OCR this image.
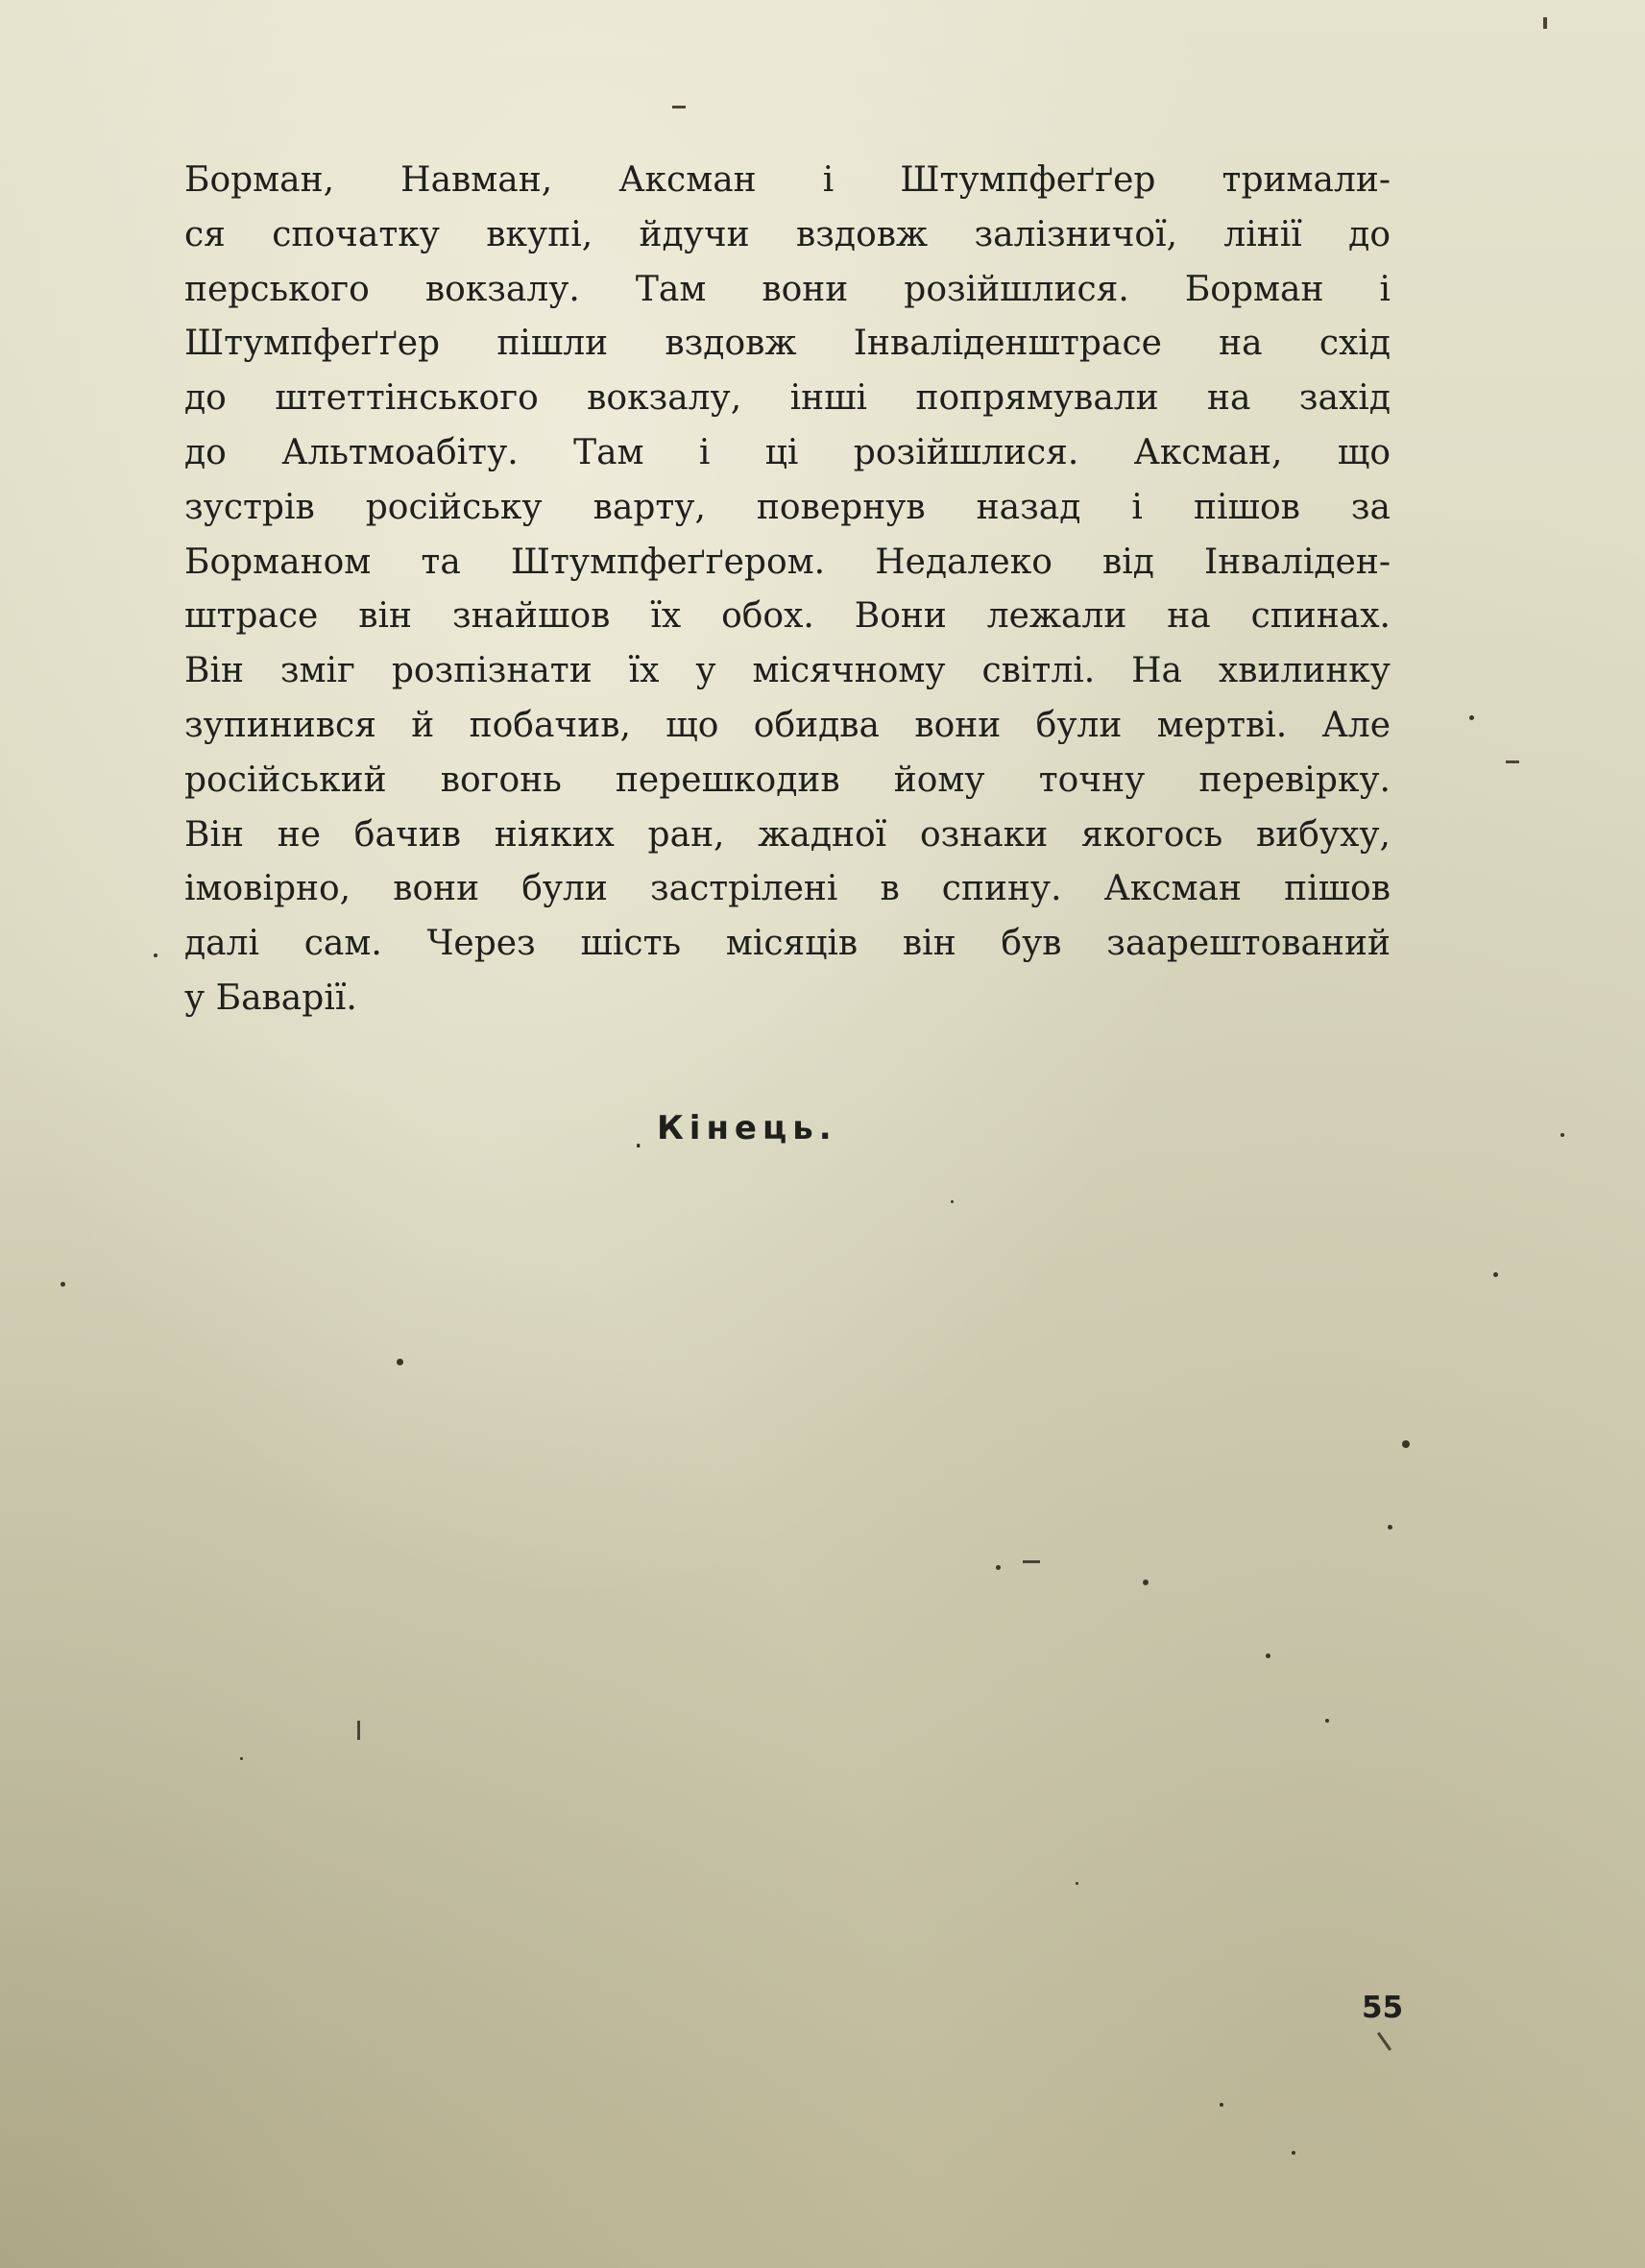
Борман, Навман, Аксман і Штумпфеґґер тримали-
ся спочатку вкупі, йдучи вздовж залізничої, лінії до
перського вокзалу. Там вони розійшлися. Борман і
Штумпфеґґер пішли вздовж Інваліденштрасе на схід
до штеттінського вокзалу, інші попрямували на захід
до Альтмоабіту. Там і ці розійшлися. Аксман, що
зустрів російську варту, повернув назад і пішов за
Борманом та Штумпфеґґером. Недалеко від Інваліден-
штрасе він знайшов їх обох. Вони лежали на спинах.
Він зміг розпізнати їх у місячному світлі. На хвилинку
зупинився й побачив, що обидва вони були мертві. Але
російський вогонь перешкодив йому точну перевірку.
Він не бачив ніяких ран, жадної ознаки якогось вибуху,
імовірно, вони були застрілені в спину. Аксман пішов
далі сам. Через шість місяців він був заарештований
у Баварії.
. Кінець.
55
